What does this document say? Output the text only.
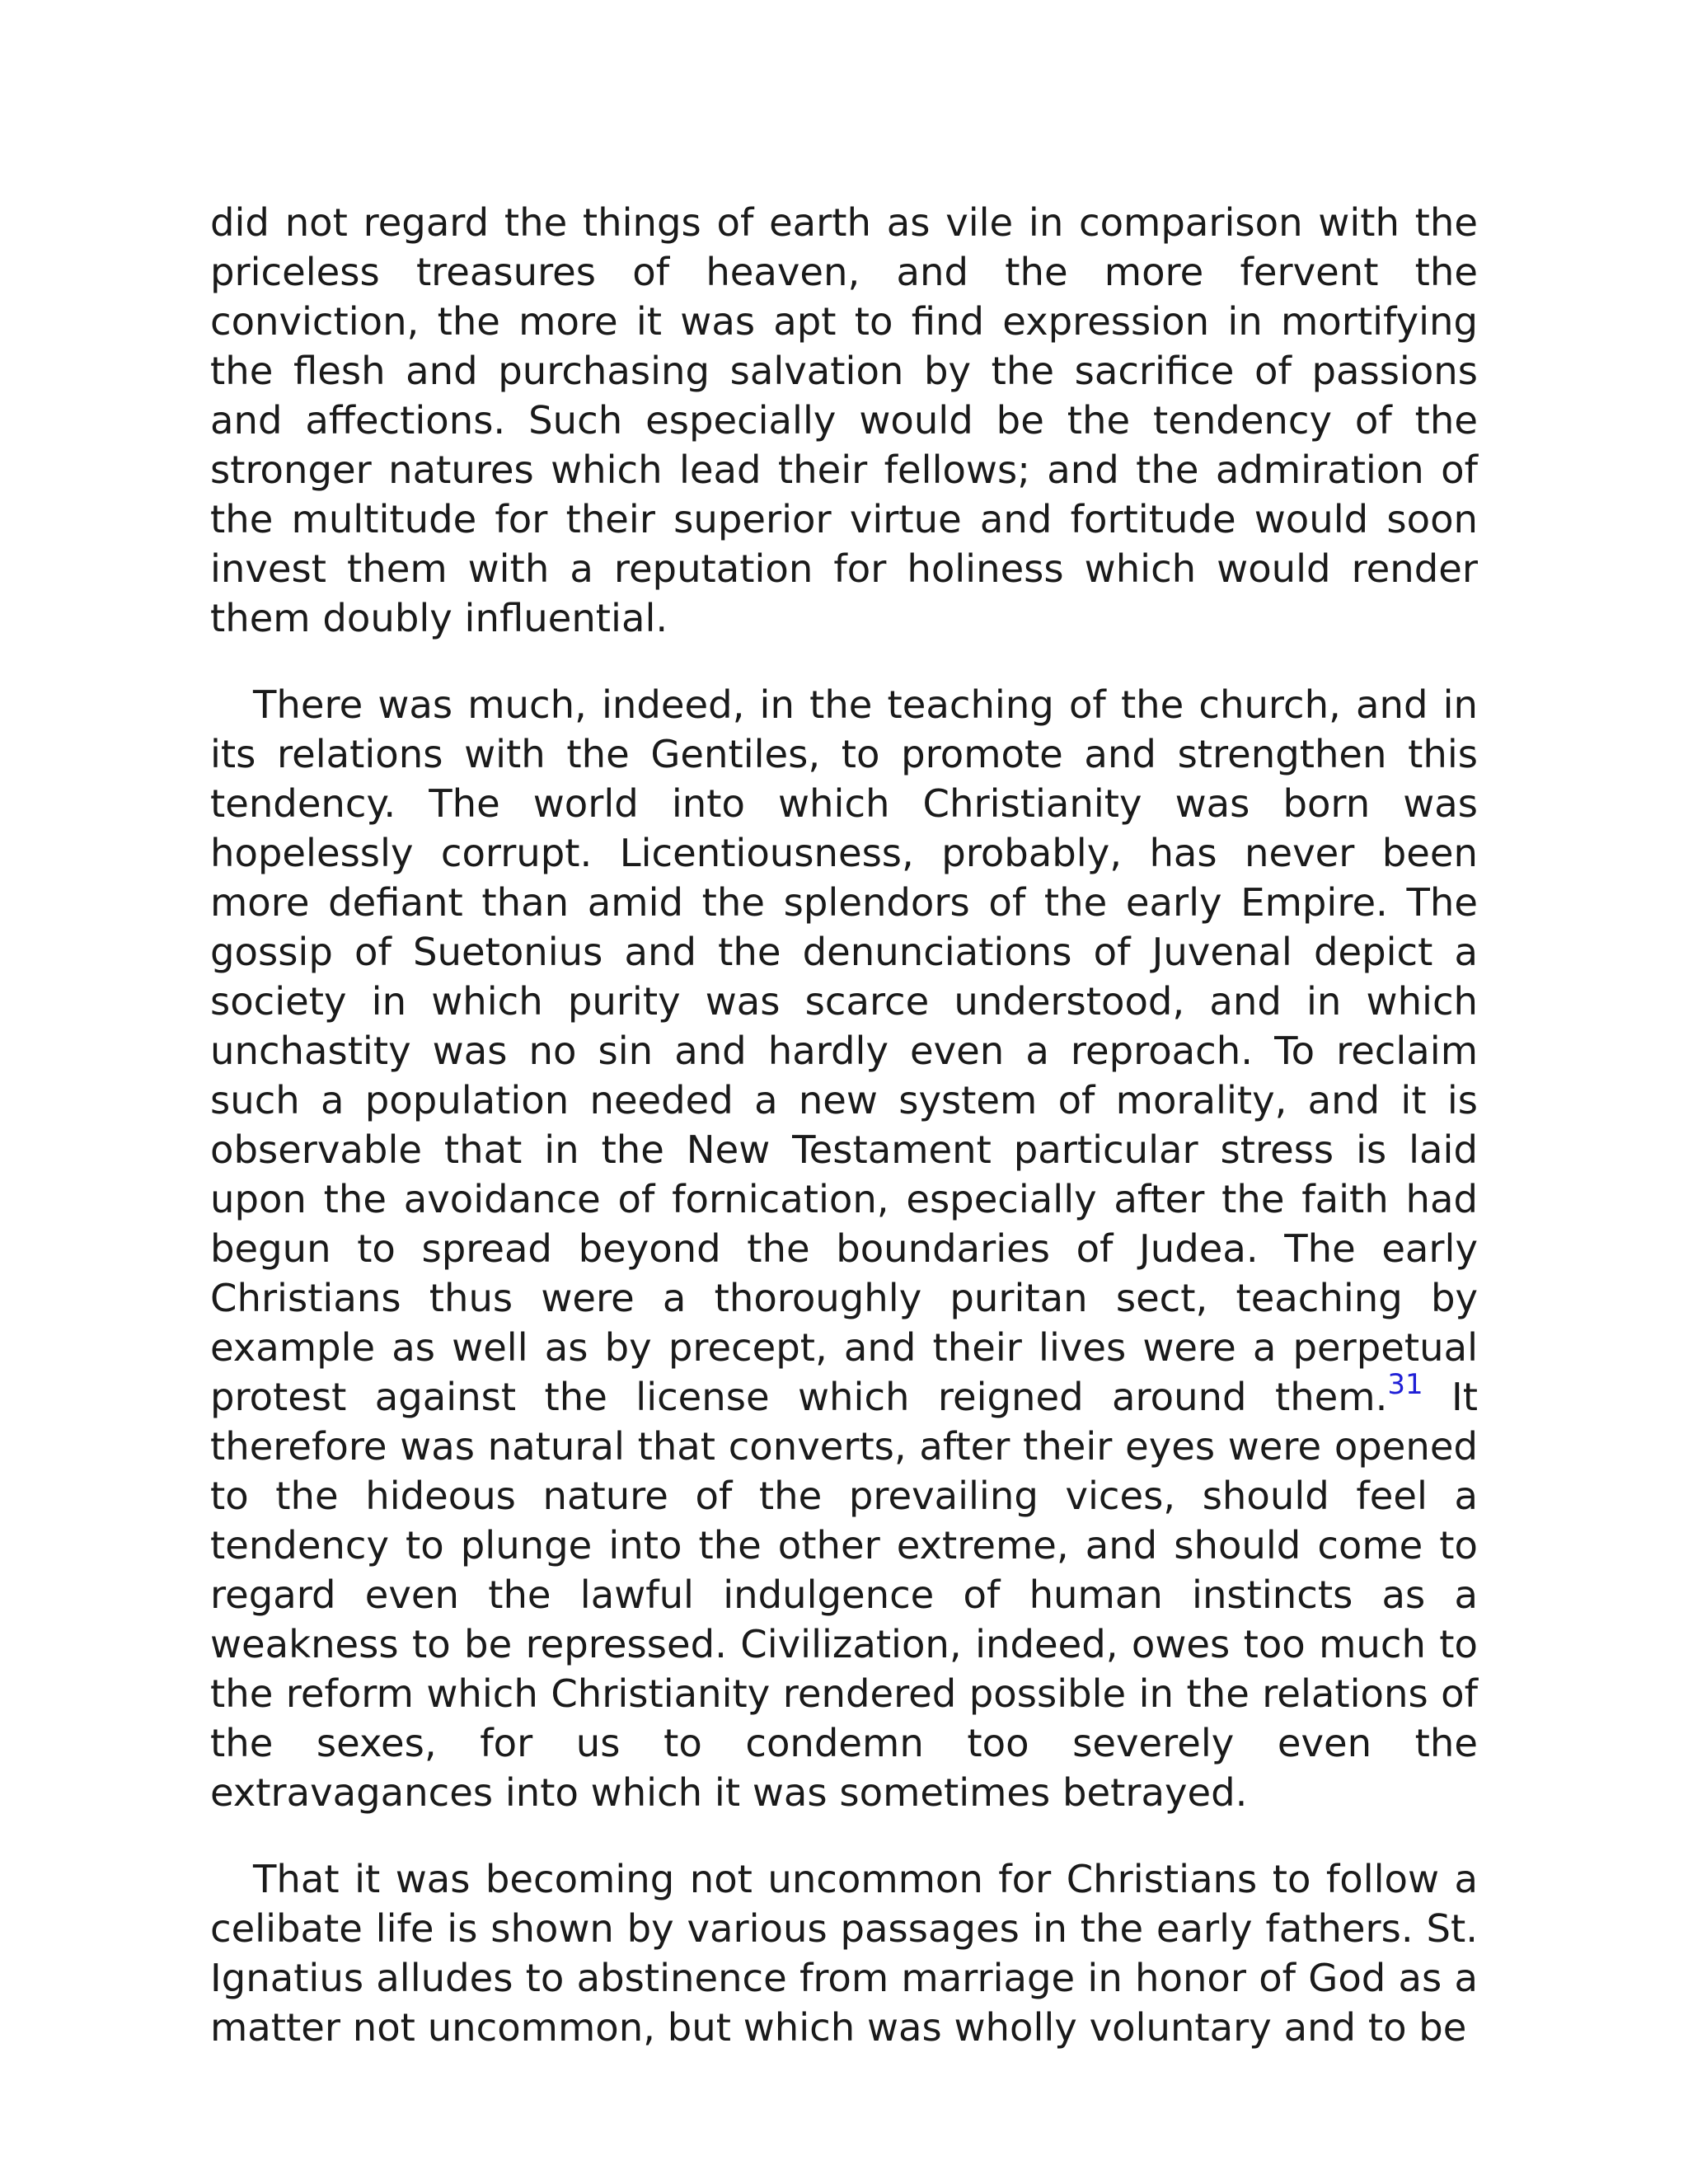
did not regard the things of earth as vile in comparison with the priceless treasures of heaven, and the more fervent the conviction, the more it was apt to find expression in mortifying the flesh and purchasing salvation by the sacrifice of passions and affections. Such especially would be the tendency of the stronger natures which lead their fellows; and the admiration of the multitude for their superior virtue and fortitude would soon invest them with a reputation for holiness which would render them doubly influential.

There was much, indeed, in the teaching of the church, and in its relations with the Gentiles, to promote and strengthen this tendency. The world into which Christianity was born was hopelessly corrupt. Licentiousness, probably, has never been more defiant than amid the splendors of the early Empire. The gossip of Suetonius and the denunciations of Juvenal depict a society in which purity was scarce understood, and in which unchastity was no sin and hardly even a reproach. To reclaim such a population needed a new system of morality, and it is observable that in the New Testament particular stress is laid upon the avoidance of fornication, especially after the faith had begun to spread beyond the boundaries of Judea. The early Christians thus were a thoroughly puritan sect, teaching by example as well as by precept, and their lives were a perpetual protest against the license which reigned around them.$^{31}$ It therefore was natural that converts, after their eyes were opened to the hideous nature of the prevailing vices, should feel a tendency to plunge into the other extreme, and should come to regard even the lawful indulgence of human instincts as a weakness to be repressed. Civilization, indeed, owes too much to the reform which Christianity rendered possible in the relations of the sexes, for us to condemn too severely even the extravagances into which it was sometimes betrayed.

That it was becoming not uncommon for Christians to follow a celibate life is shown by various passages in the early fathers. St. Ignatius alludes to abstinence from marriage in honor of God as a matter not uncommon, but which was wholly voluntary and to be
